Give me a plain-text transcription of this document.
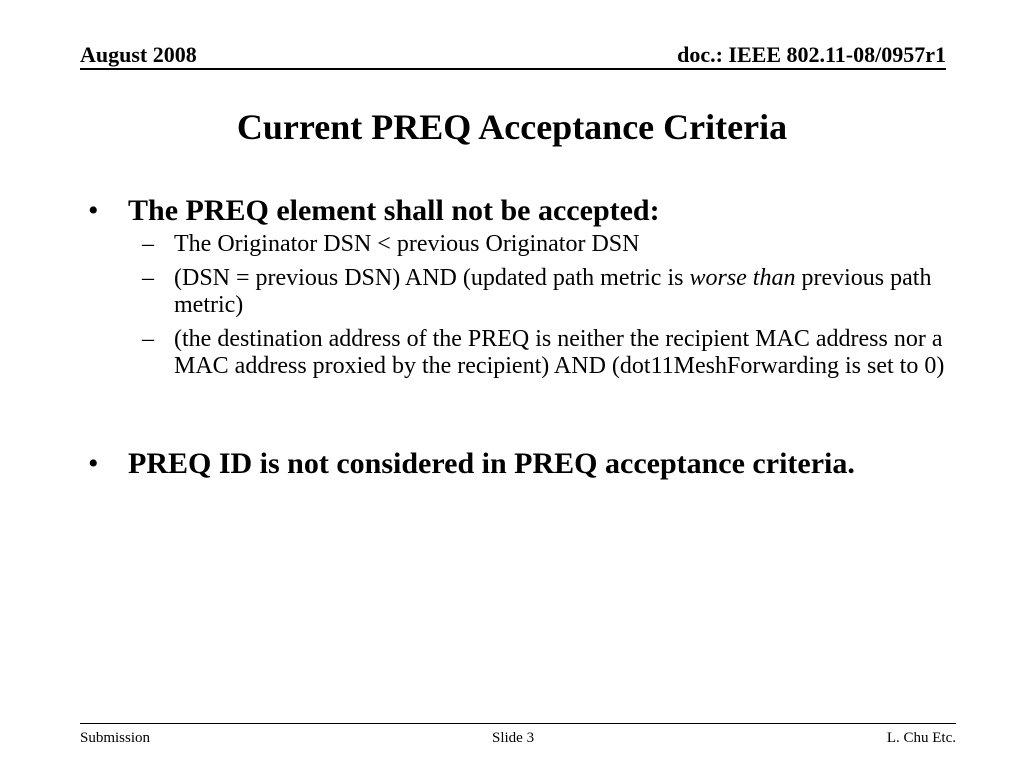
August 2008	doc.: IEEE 802.11-08/0957r1
Current PREQ Acceptance Criteria
• The PREQ element shall not be accepted:
– The Originator DSN < previous Originator DSN
– (DSN = previous DSN) AND (updated path metric is worse than previous path metric)
– (the destination address of the PREQ is neither the recipient MAC address nor a MAC address proxied by the recipient) AND (dot11MeshForwarding is set to 0)
• PREQ ID is not considered in PREQ acceptance criteria.
Submission	Slide 3	L. Chu Etc.
